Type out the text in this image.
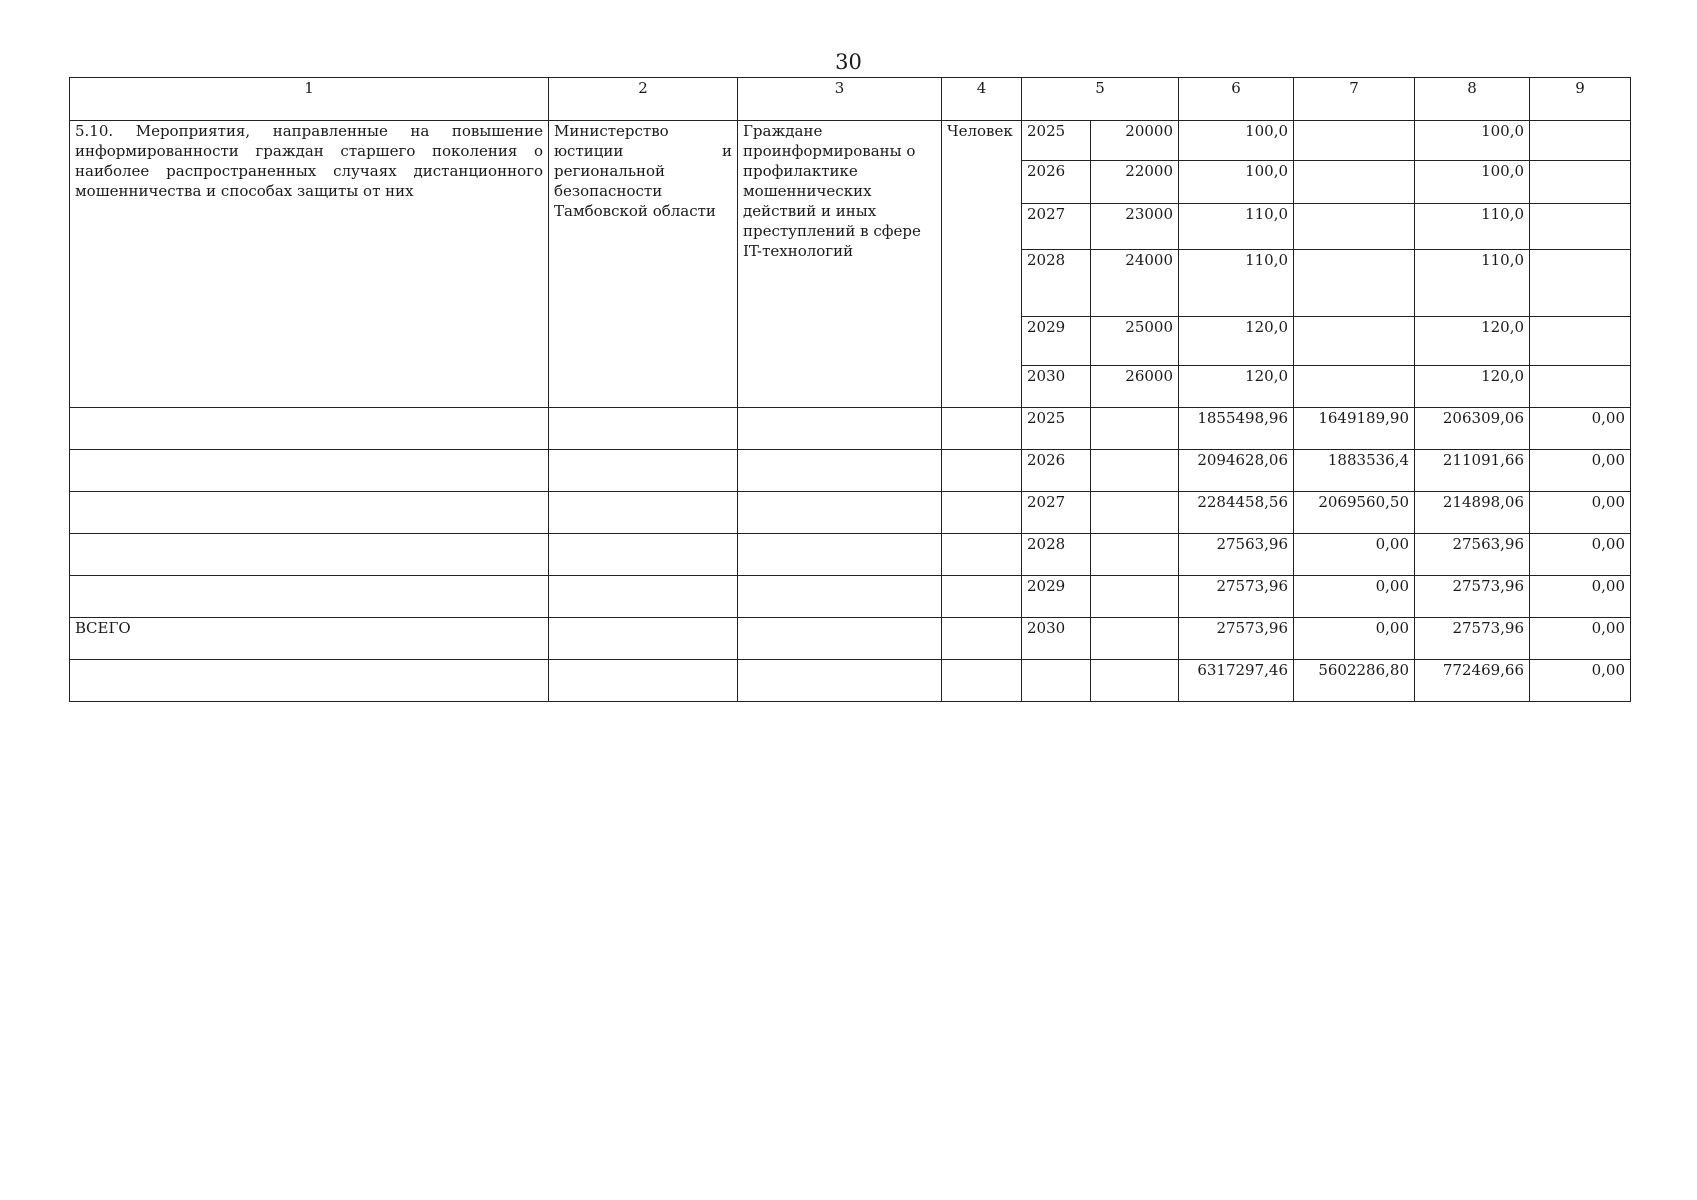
30
1	2	3	4	5		6	7	8	9
5.10. Мероприятия, направленные на повышение информированности граждан старшего поколения о наиболее распространенных случаях дистанционного мошенничества и способах защиты от них	Министерство юстиции и региональной безопасности Тамбовской области	Граждане проинформированы о профилактике мошеннических действий и иных преступлений в сфере IT-технологий	Человек	2025	20000	100,0		100,0	
				2026	22000	100,0		100,0	
				2027	23000	110,0		110,0	
				2028	24000	110,0		110,0	
				2029	25000	120,0		120,0	
				2030	26000	120,0		120,0	
				2025		1855498,96	1649189,90	206309,06	0,00
				2026		2094628,06	1883536,4	211091,66	0,00
				2027		2284458,56	2069560,50	214898,06	0,00
				2028		27563,96	0,00	27563,96	0,00
				2029		27573,96	0,00	27573,96	0,00
ВСЕГО				2030		27573,96	0,00	27573,96	0,00
						6317297,46	5602286,80	772469,66	0,00
